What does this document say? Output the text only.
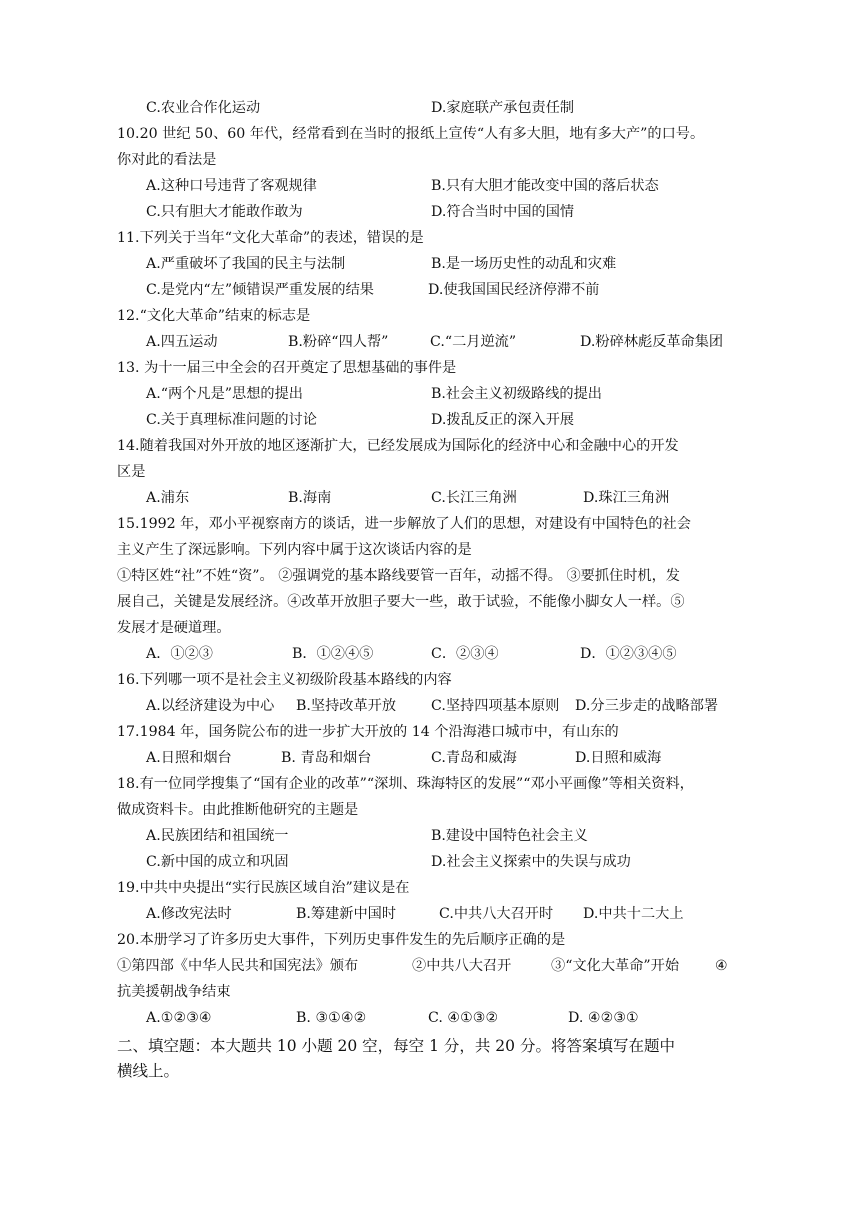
C.农业合作化运动	D.家庭联产承包责任制
10.20 世纪 50、60 年代，经常看到在当时的报纸上宣传“人有多大胆，地有多大产”的口号。
你对此的看法是
A.这种口号违背了客观规律	B.只有大胆才能改变中国的落后状态
C.只有胆大才能敢作敢为	D.符合当时中国的国情
11.下列关于当年“文化大革命”的表述，错误的是
A.严重破坏了我国的民主与法制	B.是一场历史性的动乱和灾难
C.是党内“左”倾错误严重发展的结果	D.使我国国民经济停滞不前
12.“文化大革命”结束的标志是
A.四五运动	B.粉碎“四人帮”	C.“二月逆流”	D.粉碎林彪反革命集团
13. 为十一届三中全会的召开奠定了思想基础的事件是
A.“两个凡是”思想的提出	B.社会主义初级路线的提出
C.关于真理标准问题的讨论	D.拨乱反正的深入开展
14.随着我国对外开放的地区逐渐扩大，已经发展成为国际化的经济中心和金融中心的开发
区是
A.浦东	B.海南	C.长江三角洲	D.珠江三角洲
15.1992 年，邓小平视察南方的谈话，进一步解放了人们的思想，对建设有中国特色的社会
主义产生了深远影响。下列内容中属于这次谈话内容的是
①特区姓“社”不姓“资”。 ②强调党的基本路线要管一百年，动摇不得。 ③要抓住时机，发
展自己，关键是发展经济。④改革开放胆子要大一些，敢于试验，不能像小脚女人一样。⑤
发展才是硬道理。
A．①②③	B．①②④⑤	C．②③④	D．①②③④⑤
16.下列哪一项不是社会主义初级阶段基本路线的内容
A.以经济建设为中心 B.坚持改革开放 C.坚持四项基本原则 D.分三步走的战略部署
17.1984 年，国务院公布的进一步扩大开放的 14 个沿海港口城市中，有山东的
A.日照和烟台	B. 青岛和烟台	C.青岛和威海	D.日照和威海
18.有一位同学搜集了“国有企业的改革”“深圳、珠海特区的发展”“邓小平画像”等相关资料，
做成资料卡。由此推断他研究的主题是
A.民族团结和祖国统一	B.建设中国特色社会主义
C.新中国的成立和巩固	D.社会主义探索中的失误与成功
19.中共中央提出“实行民族区域自治”建议是在
A.修改宪法时	B.筹建新中国时	C.中共八大召开时 D.中共十二大上
20.本册学习了许多历史大事件，下列历史事件发生的先后顺序正确的是
①第四部《中华人民共和国宪法》颁布	②中共八大召开	③“文化大革命”开始	④
抗美援朝战争结束
A.①②③④	B. ③①④②	C. ④①③②	D. ④②③①
二、填空题：本大题共 10 小题 20 空，每空 1 分，共 20 分。将答案填写在题中
横线上。
